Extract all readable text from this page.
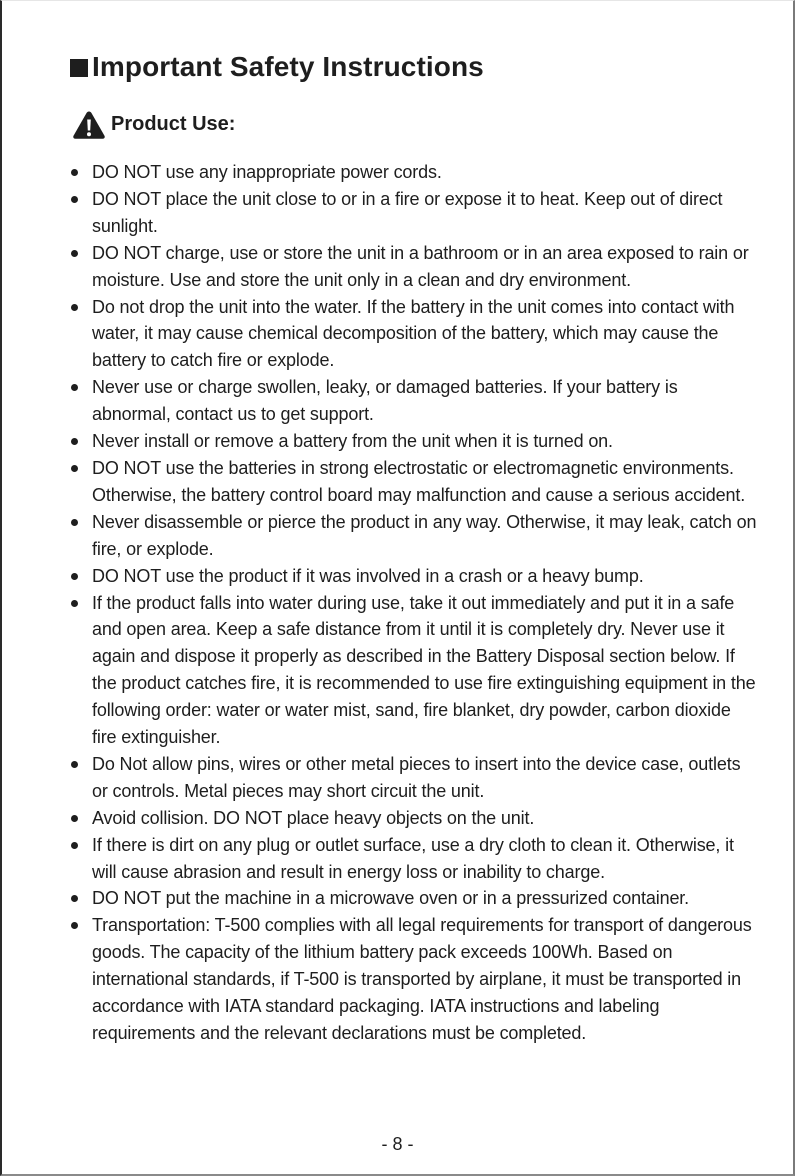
Important Safety Instructions
Product Use:
DO NOT use any inappropriate power cords.
DO NOT place the unit close to or in a fire or expose it to heat. Keep out of direct sunlight.
DO NOT charge, use or store the unit in a bathroom or in an area exposed to rain or moisture. Use and store the unit only in a clean and dry environment.
Do not drop the unit into the water. If the battery in the unit comes into contact with water, it may cause chemical decomposition of the battery, which may cause the battery to catch fire or explode.
Never use or charge swollen, leaky, or damaged batteries. If your battery is abnormal, contact us to get support.
Never install or remove a battery from the unit when it is turned on.
DO NOT use the batteries in strong electrostatic or electromagnetic environments. Otherwise, the battery control board may malfunction and cause a serious accident.
Never disassemble or pierce the product in any way. Otherwise, it may leak, catch on fire, or explode.
DO NOT use the product if it was involved in a crash or a heavy bump.
If the product falls into water during use, take it out immediately and put it in a safe and open area. Keep a safe distance from it until it is completely dry. Never use it again and dispose it properly as described in the Battery Disposal section below. If the product catches fire, it is recommended to use fire extinguishing equipment in the following order: water or water mist, sand, fire blanket, dry powder, carbon dioxide fire extinguisher.
Do Not allow pins, wires or other metal pieces to insert into the device case, outlets or controls. Metal pieces may short circuit the unit.
Avoid collision. DO NOT place heavy objects on the unit.
If there is dirt on any plug or outlet surface, use a dry cloth to clean it. Otherwise, it will cause abrasion and result in energy loss or inability to charge.
DO NOT put the machine in a microwave oven or in a pressurized container.
Transportation: T-500 complies with all legal requirements for transport of dangerous goods. The capacity of the lithium battery pack exceeds 100Wh. Based on international standards, if T-500 is transported by airplane, it must be transported in accordance with IATA standard packaging. IATA instructions and labeling requirements and the relevant declarations must be completed.
- 8 -
